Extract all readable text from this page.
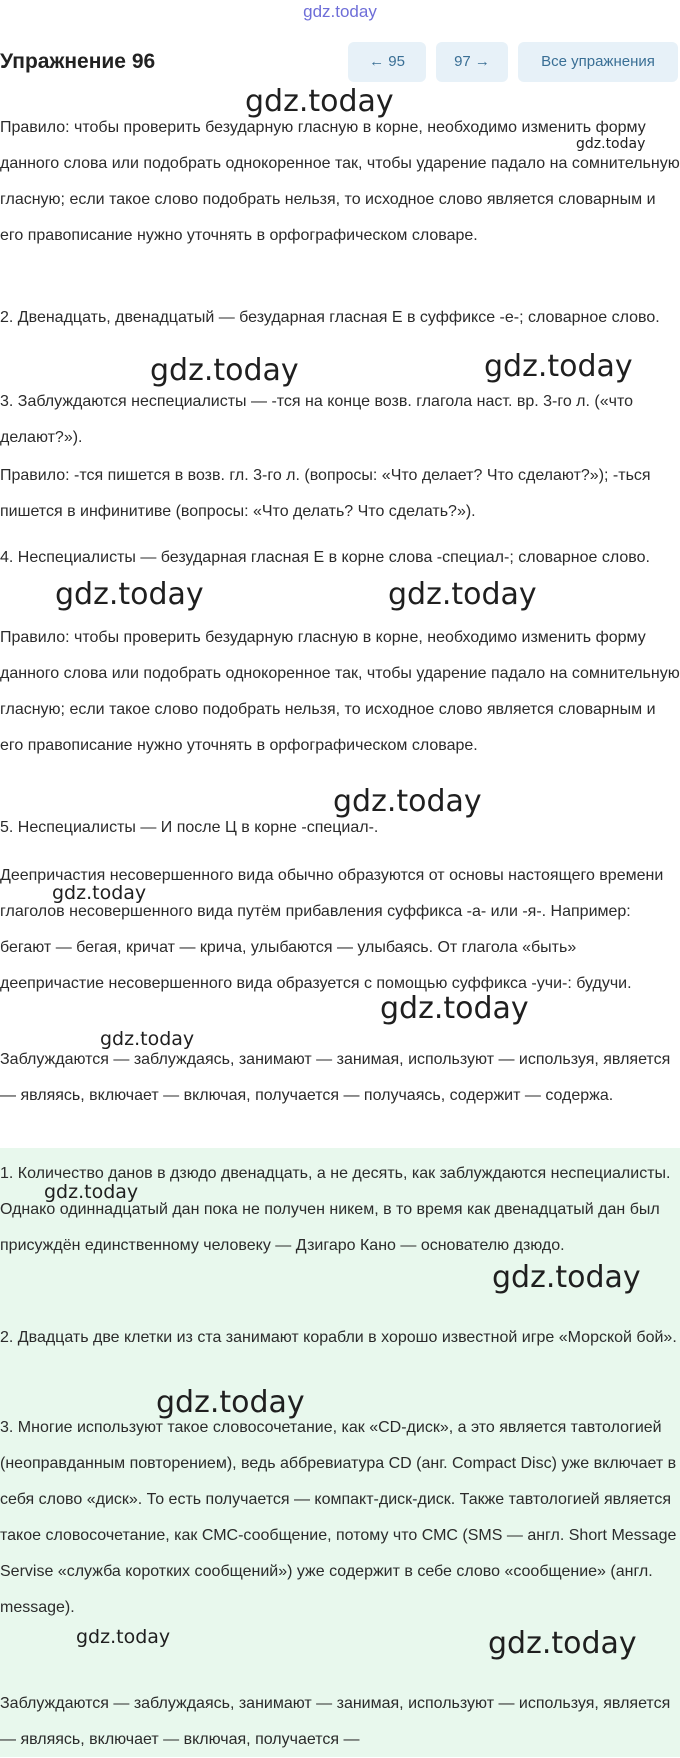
gdz.today
Упражнение 96	← 95	97 →	Все упражнения

Правило: чтобы проверить безударную гласную в корне, необходимо изменить форму данного слова или подобрать однокоренное так, чтобы ударение падало на сомнительную гласную; если такое слово подобрать нельзя, то исходное слово является словарным и его правописание нужно уточнять в орфографическом словаре.

2. Двенадцать, двенадцатый — безударная гласная Е в суффиксе -е-; словарное слово.

3. Заблуждаются неспециалисты — -тся на конце возв. глагола наст. вр. 3-го л. («что делают?»).

Правило: -тся пишется в возв. гл. 3-го л. (вопросы: «Что делает? Что сделают?»); -ться пишется в инфинитиве (вопросы: «Что делать? Что сделать?»).

4. Неспециалисты — безударная гласная Е в корне слова -специал-; словарное слово.

Правило: чтобы проверить безударную гласную в корне, необходимо изменить форму данного слова или подобрать однокоренное так, чтобы ударение падало на сомнительную гласную; если такое слово подобрать нельзя, то исходное слово является словарным и его правописание нужно уточнять в орфографическом словаре.

5. Неспециалисты — И после Ц в корне -специал-.

Деепричастия несовершенного вида обычно образуются от основы настоящего времени глаголов несовершенного вида путём прибавления суффикса -а- или -я-. Например: бегают — бегая, кричат — крича, улыбаются — улыбаясь. От глагола «быть» деепричастие несовершенного вида образуется с помощью суффикса -учи-: будучи.

Заблуждаются — заблуждаясь, занимают — занимая, используют — используя, является — являясь, включает — включая, получается — получаясь, содержит — содержа.

1. Количество данов в дзюдо двенадцать, а не десять, как заблуждаются неспециалисты. Однако одиннадцатый дан пока не получен никем, в то время как двенадцатый дан был присуждён единственному человеку — Дзигаро Кано — основателю дзюдо.

2. Двадцать две клетки из ста занимают корабли в хорошо известной игре «Морской бой».

3. Многие используют такое словосочетание, как «CD-диск», а это является тавтологией (неоправданным повторением), ведь аббревиатура CD (анг. Compact Disc) уже включает в себя слово «диск». То есть получается — компакт-диск-диск. Также тавтологией является такое словосочетание, как СМС-сообщение, потому что СМС (SMS — англ. Short Message Servise «служба коротких сообщений») уже содержит в себе слово «сообщение» (англ. message).

Заблуждаются — заблуждаясь, занимают — занимая, используют — используя, является — являясь, включает — включая, получается —

gdz.today
gdz.today
gdz.today	gdz.today
gdz.today	gdz.today
gdz.today
gdz.today
gdz.today
gdz.today
gdz.today
gdz.today
gdz.today
gdz.today	gdz.today
